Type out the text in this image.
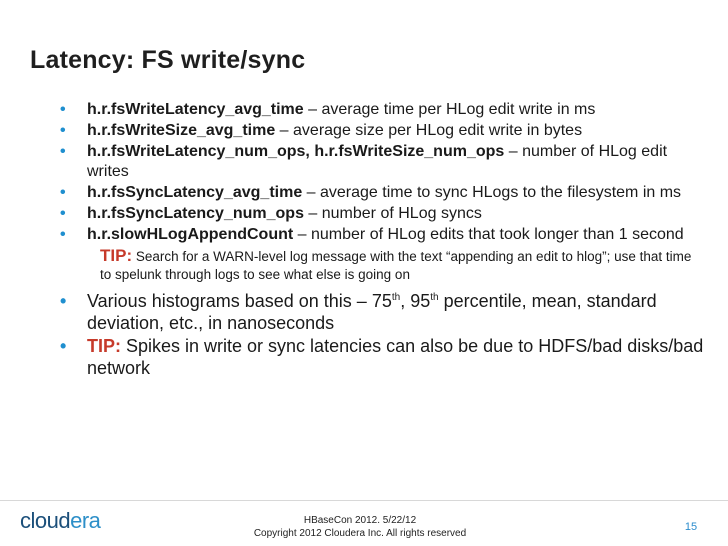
Latency: FS write/sync
• h.r.fsWriteLatency_avg_time – average time per HLog edit write in ms
• h.r.fsWriteSize_avg_time – average size per HLog edit write in bytes
• h.r.fsWriteLatency_num_ops, h.r.fsWriteSize_num_ops – number of HLog edit writes
• h.r.fsSyncLatency_avg_time – average time to sync HLogs to the filesystem in ms
• h.r.fsSyncLatency_num_ops – number of HLog syncs
• h.r.slowHLogAppendCount – number of HLog edits that took longer than 1 second
TIP: Search for a WARN-level log message with the text “appending an edit to hlog”; use that time to spelunk through logs to see what else is going on
• Various histograms based on this – 75th, 95th percentile, mean, standard deviation, etc., in nanoseconds
• TIP: Spikes in write or sync latencies can also be due to HDFS/bad disks/bad network
cloudera	HBaseCon 2012. 5/22/12
Copyright 2012 Cloudera Inc. All rights reserved
15
